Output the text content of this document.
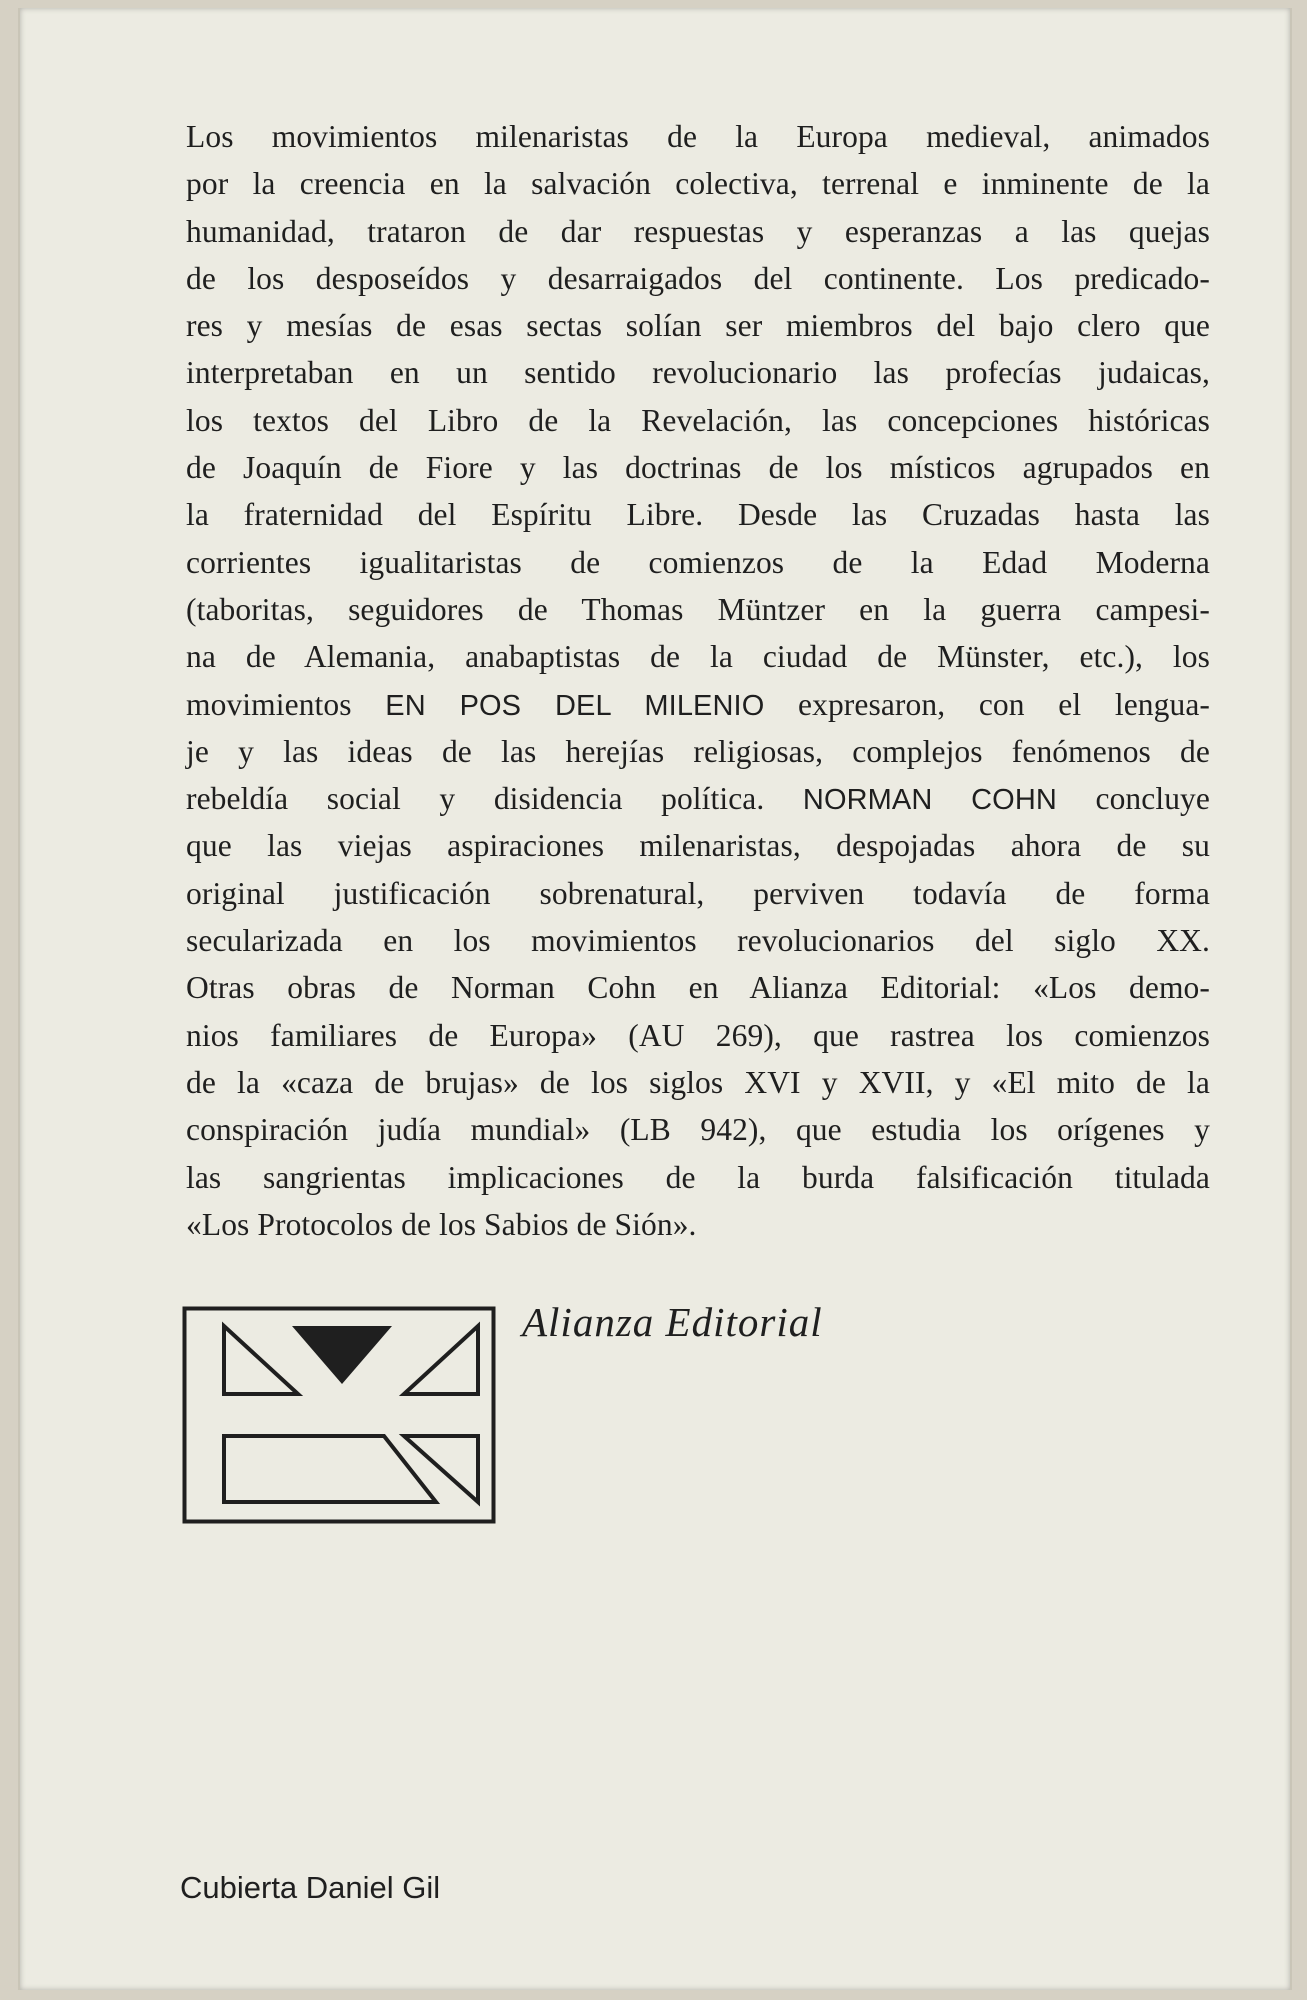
Los movimientos milenaristas de la Europa medieval, animados
por la creencia en la salvación colectiva, terrenal e inminente de la
humanidad, trataron de dar respuestas y esperanzas a las quejas
de los desposeídos y desarraigados del continente. Los predicado-
res y mesías de esas sectas solían ser miembros del bajo clero que
interpretaban en un sentido revolucionario las profecías judaicas,
los textos del Libro de la Revelación, las concepciones históricas
de Joaquín de Fiore y las doctrinas de los místicos agrupados en
la fraternidad del Espíritu Libre. Desde las Cruzadas hasta las
corrientes igualitaristas de comienzos de la Edad Moderna
(taboritas, seguidores de Thomas Müntzer en la guerra campesi-
na de Alemania, anabaptistas de la ciudad de Münster, etc.), los
movimientos EN POS DEL MILENIO expresaron, con el lengua-
je y las ideas de las herejías religiosas, complejos fenómenos de
rebeldía social y disidencia política. NORMAN COHN concluye
que las viejas aspiraciones milenaristas, despojadas ahora de su
original justificación sobrenatural, perviven todavía de forma
secularizada en los movimientos revolucionarios del siglo XX.
Otras obras de Norman Cohn en Alianza Editorial: «Los demo-
nios familiares de Europa» (AU 269), que rastrea los comienzos
de la «caza de brujas» de los siglos XVI y XVII, y «El mito de la
conspiración judía mundial» (LB 942), que estudia los orígenes y
las sangrientas implicaciones de la burda falsificación titulada
«Los Protocolos de los Sabios de Sión».

Alianza Editorial

Cubierta Daniel Gil
